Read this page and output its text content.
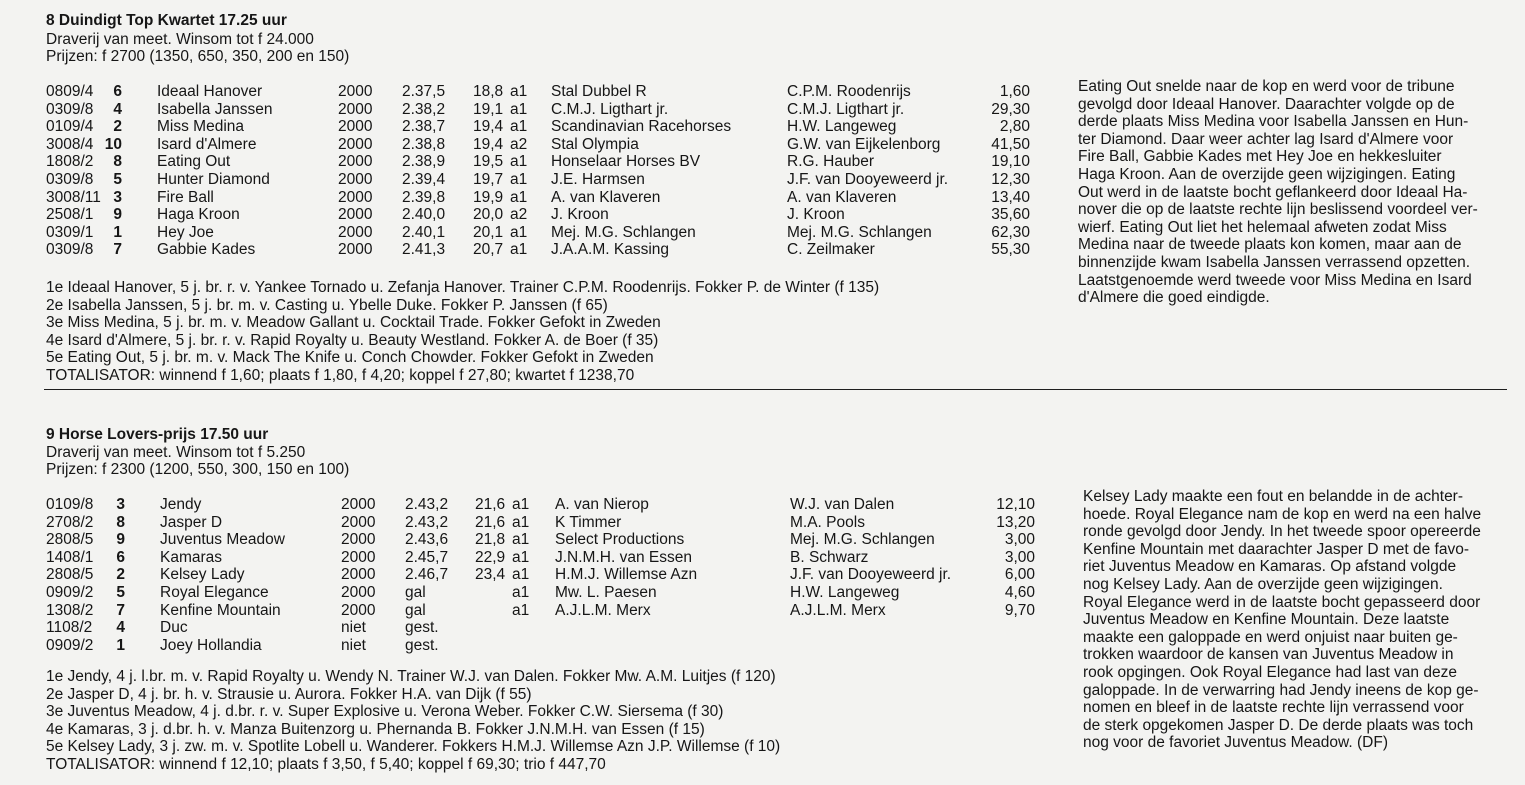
8 Duindigt Top Kwartet 17.25 uur
Draverij van meet. Winsom tot f 24.000
Prijzen: f 2700 (1350, 650, 350, 200 en 150)
0809/4	6 Ideaal Hanover	2000 2.37,5 18,8 a1 Stal Dubbel R	C.P.M. Roodenrijs	1,60
0309/8	4 Isabella Janssen	2000 2.38,2 19,1 a1 C.M.J. Ligthart jr.	C.M.J. Ligthart jr.	29,30
0109/4	2 Miss Medina	2000 2.38,7 19,4 a1 Scandinavian Racehorses	H.W. Langeweg	2,80
3008/4 10 Isard d'Almere	2000 2.38,8 19,4 a2 Stal Olympia	G.W. van Eijkelenborg	41,50
1808/2	8 Eating Out	2000 2.38,9 19,5 a1 Honselaar Horses BV	R.G. Hauber	19,10
0309/8	5 Hunter Diamond	2000 2.39,4 19,7 a1 J.E. Harmsen	J.F. van Dooyeweerd jr.	12,30
3008/11 3 Fire Ball	2000 2.39,8 19,9 a1 A. van Klaveren	A. van Klaveren	13,40
2508/1	9 Haga Kroon	2000 2.40,0 20,0 a2 J. Kroon	J. Kroon	35,60
0309/1	1 Hey Joe	2000 2.40,1 20,1 a1 Mej. M.G. Schlangen	Mej. M.G. Schlangen	62,30
0309/8	7 Gabbie Kades	2000 2.41,3 20,7 a1 J.A.A.M. Kassing	C. Zeilmaker	55,30
1e Ideaal Hanover, 5 j. br. r. v. Yankee Tornado u. Zefanja Hanover. Trainer C.P.M. Roodenrijs. Fokker P. de Winter (f 135)
2e Isabella Janssen, 5 j. br. m. v. Casting u. Ybelle Duke. Fokker P. Janssen (f 65)
3e Miss Medina, 5 j. br. m. v. Meadow Gallant u. Cocktail Trade. Fokker Gefokt in Zweden
4e Isard d'Almere, 5 j. br. r. v. Rapid Royalty u. Beauty Westland. Fokker A. de Boer (f 35)
5e Eating Out, 5 j. br. m. v. Mack The Knife u. Conch Chowder. Fokker Gefokt in Zweden
TOTALISATOR: winnend f 1,60; plaats f 1,80, f 4,20; koppel f 27,80; kwartet f 1238,70
Eating Out snelde naar de kop en werd voor de tribune
gevolgd door Ideaal Hanover. Daarachter volgde op de
derde plaats Miss Medina voor Isabella Janssen en Hun-
ter Diamond. Daar weer achter lag Isard d'Almere voor
Fire Ball, Gabbie Kades met Hey Joe en hekkesluiter
Haga Kroon. Aan de overzijde geen wijzigingen. Eating
Out werd in de laatste bocht geflankeerd door Ideaal Ha-
nover die op de laatste rechte lijn beslissend voordeel ver-
wierf. Eating Out liet het helemaal afweten zodat Miss
Medina naar de tweede plaats kon komen, maar aan de
binnenzijde kwam Isabella Janssen verrassend opzetten.
Laatstgenoemde werd tweede voor Miss Medina en Isard
d'Almere die goed eindigde.
9 Horse Lovers-prijs 17.50 uur
Draverij van meet. Winsom tot f 5.250
Prijzen: f 2300 (1200, 550, 300, 150 en 100)
0109/8	3 Jendy	2000 2.43,2 21,6 a1 A. van Nierop	W.J. van Dalen	12,10
2708/2	8 Jasper D	2000 2.43,2 21,6 a1 K Timmer	M.A. Pools	13,20
2808/5	9 Juventus Meadow	2000 2.43,6 21,8 a1 Select Productions	Mej. M.G. Schlangen	3,00
1408/1	6 Kamaras	2000 2.45,7 22,9 a1 J.N.M.H. van Essen	B. Schwarz	3,00
2808/5	2 Kelsey Lady	2000 2.46,7 23,4 a1 H.M.J. Willemse Azn	J.F. van Dooyeweerd jr.	6,00
0909/2	5 Royal Elegance	2000 gal	a1 Mw. L. Paesen	H.W. Langeweg	4,60
1308/2	7 Kenfine Mountain	2000 gal	a1 A.J.L.M. Merx	A.J.L.M. Merx	9,70
1108/2	4 Duc	niet	gest.
0909/2	1 Joey Hollandia	niet	gest.
1e Jendy, 4 j. l.br. m. v. Rapid Royalty u. Wendy N. Trainer W.J. van Dalen. Fokker Mw. A.M. Luitjes (f 120)
2e Jasper D, 4 j. br. h. v. Strausie u. Aurora. Fokker H.A. van Dijk (f 55)
3e Juventus Meadow, 4 j. d.br. r. v. Super Explosive u. Verona Weber. Fokker C.W. Siersema (f 30)
4e Kamaras, 3 j. d.br. h. v. Manza Buitenzorg u. Phernanda B. Fokker J.N.M.H. van Essen (f 15)
5e Kelsey Lady, 3 j. zw. m. v. Spotlite Lobell u. Wanderer. Fokkers H.M.J. Willemse Azn J.P. Willemse (f 10)
TOTALISATOR: winnend f 12,10; plaats f 3,50, f 5,40; koppel f 69,30; trio f 447,70
Kelsey Lady maakte een fout en belandde in de achter-
hoede. Royal Elegance nam de kop en werd na een halve
ronde gevolgd door Jendy. In het tweede spoor opereerde
Kenfine Mountain met daarachter Jasper D met de favo-
riet Juventus Meadow en Kamaras. Op afstand volgde
nog Kelsey Lady. Aan de overzijde geen wijzigingen.
Royal Elegance werd in de laatste bocht gepasseerd door
Juventus Meadow en Kenfine Mountain. Deze laatste
maakte een galoppade en werd onjuist naar buiten ge-
trokken waardoor de kansen van Juventus Meadow in
rook opgingen. Ook Royal Elegance had last van deze
galoppade. In de verwarring had Jendy ineens de kop ge-
nomen en bleef in de laatste rechte lijn verrassend voor
de sterk opgekomen Jasper D. De derde plaats was toch
nog voor de favoriet Juventus Meadow. (DF)
